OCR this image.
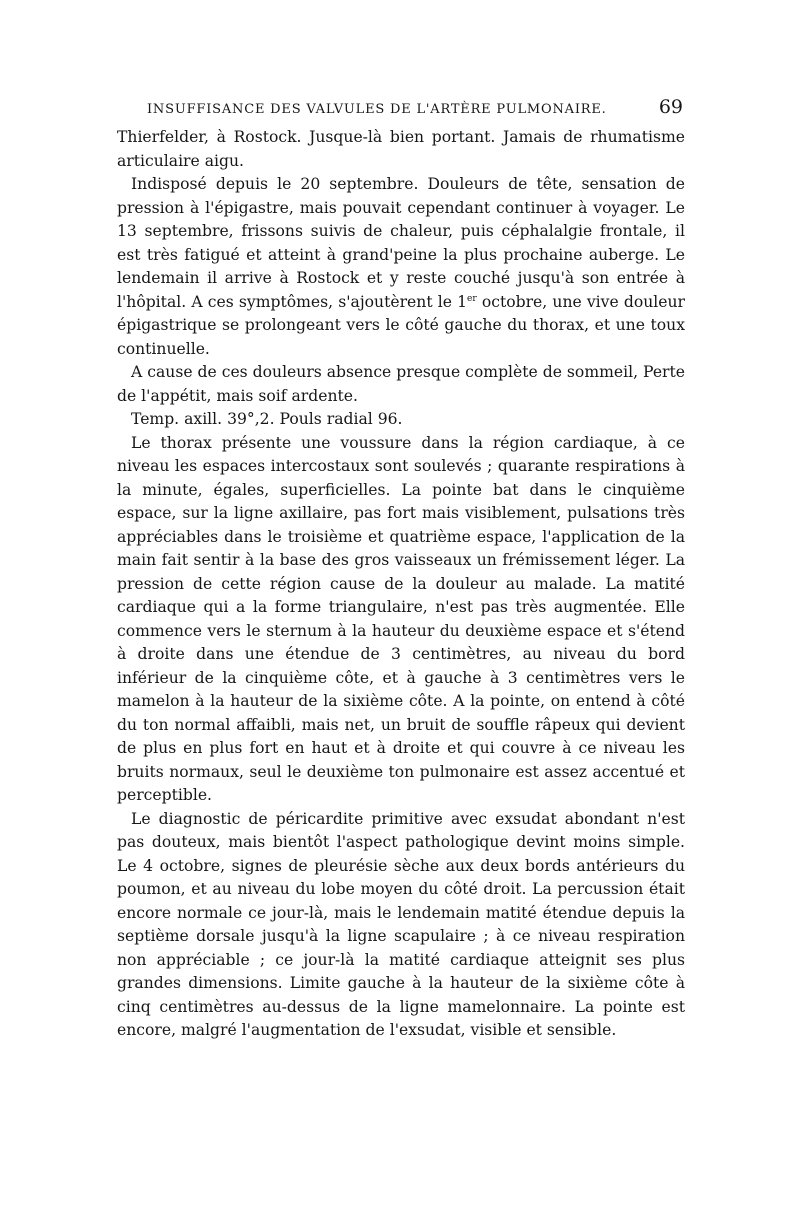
INSUFFISANCE DES VALVULES DE L'ARTÈRE PULMONAIRE.	69

Thierfelder, à Rostock. Jusque-là bien portant. Jamais de rhumatisme articulaire aigu.

Indisposé depuis le 20 septembre. Douleurs de tête, sensation de pression à l'épigastre, mais pouvait cependant continuer à voyager. Le 13 septembre, frissons suivis de chaleur, puis céphalalgie frontale, il est très fatigué et atteint à grand'peine la plus prochaine auberge. Le lendemain il arrive à Rostock et y reste couché jusqu'à son entrée à l'hôpital. A ces symptômes, s'ajoutèrent le 1er octobre, une vive douleur épigastrique se prolongeant vers le côté gauche du thorax, et une toux continuelle.

A cause de ces douleurs absence presque complète de sommeil, Perte de l'appétit, mais soif ardente.

Temp. axill. 39°,2. Pouls radial 96.

Le thorax présente une voussure dans la région cardiaque, à ce niveau les espaces intercostaux sont soulevés ; quarante respirations à la minute, égales, superficielles. La pointe bat dans le cinquième espace, sur la ligne axillaire, pas fort mais visiblement, pulsations très appréciables dans le troisième et quatrième espace, l'application de la main fait sentir à la base des gros vaisseaux un frémissement léger. La pression de cette région cause de la douleur au malade. La matité cardiaque qui a la forme triangulaire, n'est pas très augmentée. Elle commence vers le sternum à la hauteur du deuxième espace et s'étend à droite dans une étendue de 3 centimètres, au niveau du bord inférieur de la cinquième côte, et à gauche à 3 centimètres vers le mamelon à la hauteur de la sixième côte. A la pointe, on entend à côté du ton normal affaibli, mais net, un bruit de souffle râpeux qui devient de plus en plus fort en haut et à droite et qui couvre à ce niveau les bruits normaux, seul le deuxième ton pulmonaire est assez accentué et perceptible.

Le diagnostic de péricardite primitive avec exsudat abondant n'est pas douteux, mais bientôt l'aspect pathologique devint moins simple. Le 4 octobre, signes de pleurésie sèche aux deux bords antérieurs du poumon, et au niveau du lobe moyen du côté droit. La percussion était encore normale ce jour-là, mais le lendemain matité étendue depuis la septième dorsale jusqu'à la ligne scapulaire ; à ce niveau respiration non appréciable ; ce jour-là la matité cardiaque atteignit ses plus grandes dimensions. Limite gauche à la hauteur de la sixième côte à cinq centimètres au-dessus de la ligne mamelonnaire. La pointe est encore, malgré l'augmentation de l'exsudat, visible et sensible.
